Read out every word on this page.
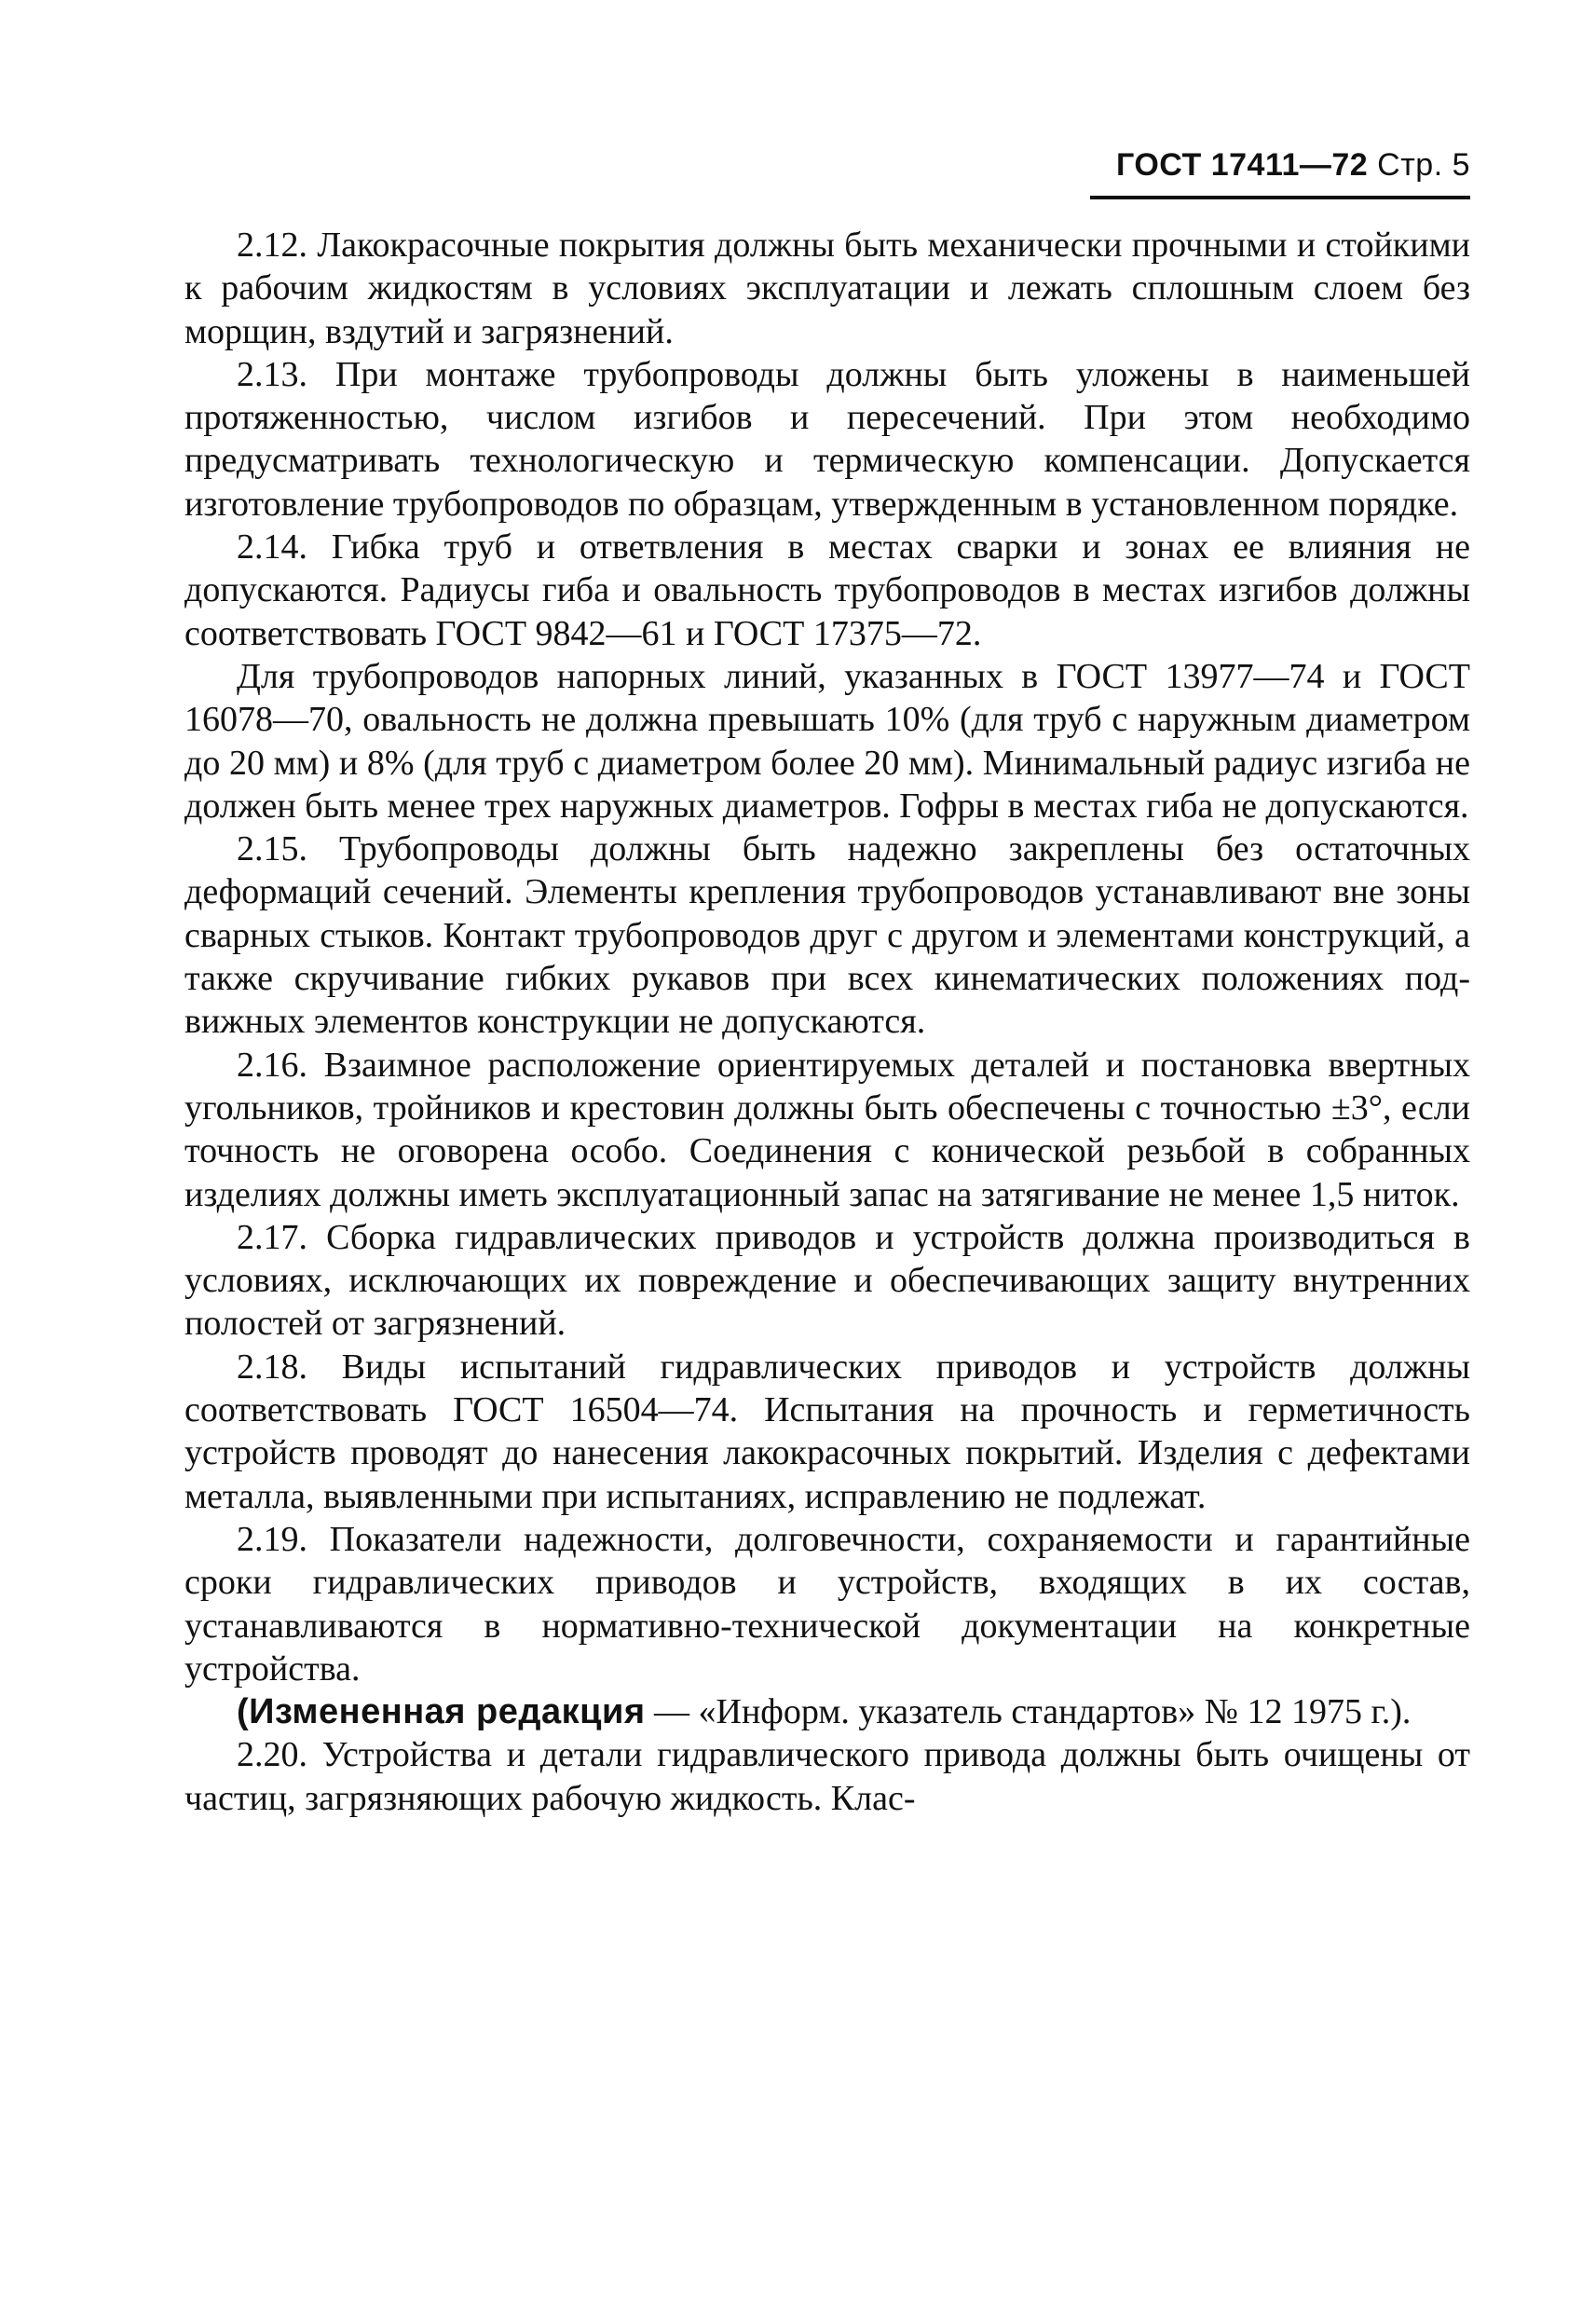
ГОСТ 17411—72 Стр. 5

2.12. Лакокрасочные покрытия должны быть механически прочными и стойкими к рабочим жидкостям в условиях эксплуатации и лежать сплошным слоем без морщин, вздутий и загрязнений.

2.13. При монтаже трубопроводы должны быть уложены в наименьшей протяженностью, числом изгибов и пересечений. При этом необходимо предусматривать технологическую и термическую компенсации. Допускается изготовление трубопроводов по образцам, утвержденным в установленном порядке.

2.14. Гибка труб и ответвления в местах сварки и зонах ее влияния не допускаются. Радиусы гиба и овальность трубопроводов в местах изгибов должны соответствовать ГОСТ 9842—61 и ГОСТ 17375—72.

Для трубопроводов напорных линий, указанных в ГОСТ 13977—74 и ГОСТ 16078—70, овальность не должна превышать 10% (для труб с наружным диаметром до 20 мм) и 8% (для труб с диаметром более 20 мм). Минимальный радиус изгиба не должен быть менее трех наружных диаметров. Гофры в местах гиба не допускаются.

2.15. Трубопроводы должны быть надежно закреплены без остаточных деформаций сечений. Элементы крепления трубопроводов устанавливают вне зоны сварных стыков. Контакт трубопроводов друг с другом и элементами конструкций, а также скручивание гибких рукавов при всех кинематических положениях подвижных элементов конструкции не допускаются.

2.16. Взаимное расположение ориентируемых деталей и постановка ввертных угольников, тройников и крестовин должны быть обеспечены с точностью ±3°, если точность не оговорена особо. Соединения с конической резьбой в собранных изделиях должны иметь эксплуатационный запас на затягивание не менее 1,5 ниток.

2.17. Сборка гидравлических приводов и устройств должна производиться в условиях, исключающих их повреждение и обеспечивающих защиту внутренних полостей от загрязнений.

2.18. Виды испытаний гидравлических приводов и устройств должны соответствовать ГОСТ 16504—74. Испытания на прочность и герметичность устройств проводят до нанесения лакокрасочных покрытий. Изделия с дефектами металла, выявленными при испытаниях, исправлению не подлежат.

2.19. Показатели надежности, долговечности, сохраняемости и гарантийные сроки гидравлических приводов и устройств, входящих в их состав, устанавливаются в нормативно-технической документации на конкретные устройства.

(Измененная редакция — «Информ. указатель стандартов» № 12 1975 г.).

2.20. Устройства и детали гидравлического привода должны быть очищены от частиц, загрязняющих рабочую жидкость. Клас-
